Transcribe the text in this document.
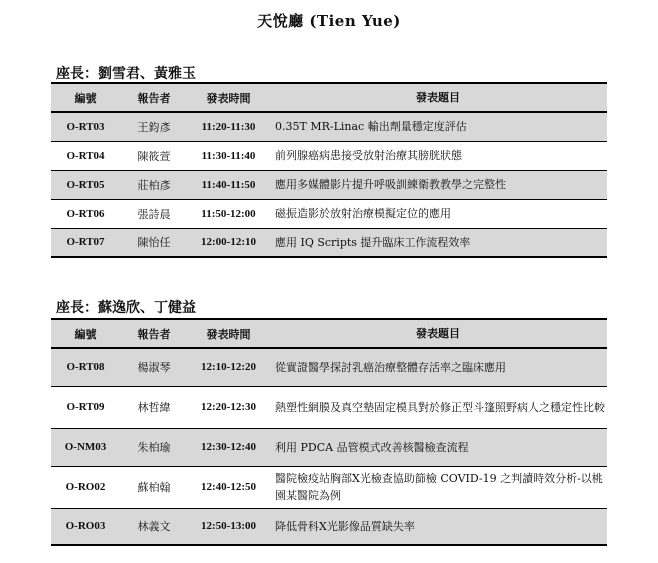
天悅廳 (Tien Yue)
座長：劉雪君、黃雅玉
編號	報告者	發表時間	發表題目
O-RT03	王鈞彥	11:20-11:30	0.35T MR-Linac 輸出劑量穩定度評估
O-RT04	陳筱萱	11:30-11:40	前列腺癌病患接受放射治療其膀胱狀態
O-RT05	莊柏彥	11:40-11:50	應用多媒體影片提升呼吸訓練衛教教學之完整性
O-RT06	張詩晨	11:50-12:00	磁振造影於放射治療模擬定位的應用
O-RT07	陳怡任	12:00-12:10	應用 IQ Scripts 提升臨床工作流程效率
座長：蘇逸欣、丁健益
編號	報告者	發表時間	發表題目
O-RT08	楊淑琴	12:10-12:20	從實證醫學探討乳癌治療整體存活率之臨床應用
O-RT09	林哲緯	12:20-12:30	熱塑性網膜及真空墊固定模具對於修正型斗篷照野病人之穩定性比較
O-NM03	朱柏瑜	12:30-12:40	利用 PDCA 品管模式改善核醫檢查流程
O-RO02	蘇柏翰	12:40-12:50	醫院檢疫站胸部X光檢查協助篩檢 COVID-19 之判讀時效分析-以桃園某醫院為例
O-RO03	林義文	12:50-13:00	降低骨科X光影像品質缺失率
